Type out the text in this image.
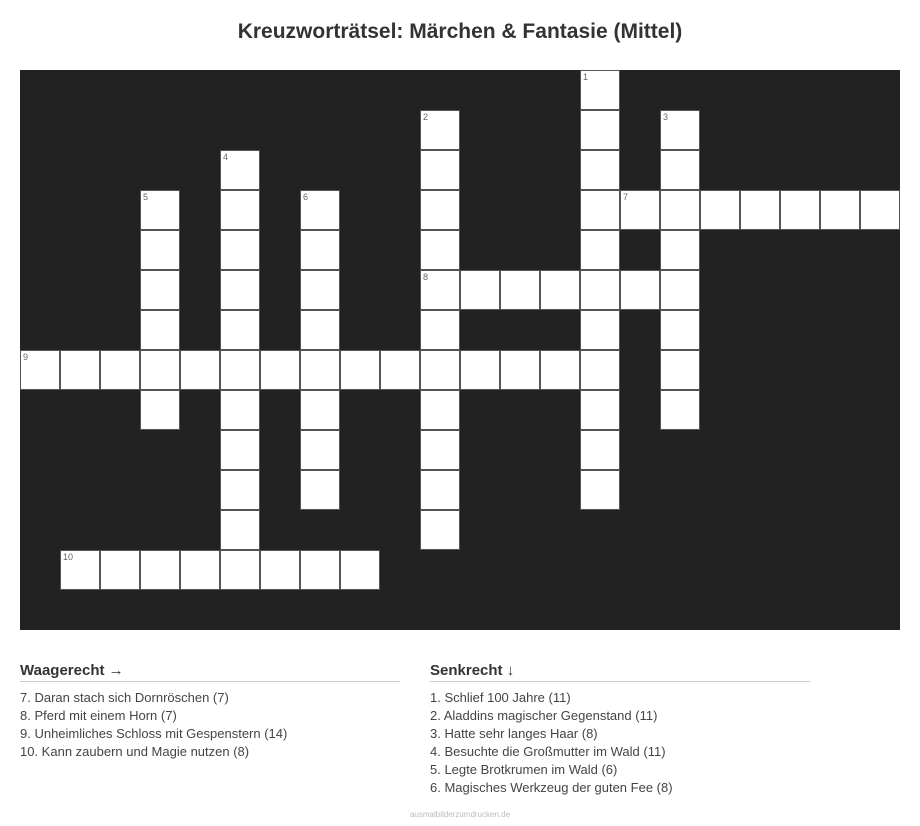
Kreuzworträtsel: Märchen & Fantasie (Mittel)
1
2
8
3
4
5	6	7
9
10
Waagerecht →
7. Daran stach sich Dornröschen (7)
8. Pferd mit einem Horn (7)
9. Unheimliches Schloss mit Gespenstern (14)
10. Kann zaubern und Magie nutzen (8)
Senkrecht ↓
1. Schlief 100 Jahre (11)
2. Aladdins magischer Gegenstand (11)
3. Hatte sehr langes Haar (8)
4. Besuchte die Großmutter im Wald (11)
5. Legte Brotkrumen im Wald (6)
6. Magisches Werkzeug der guten Fee (8)
ausmalbilderzumdrucken.de
